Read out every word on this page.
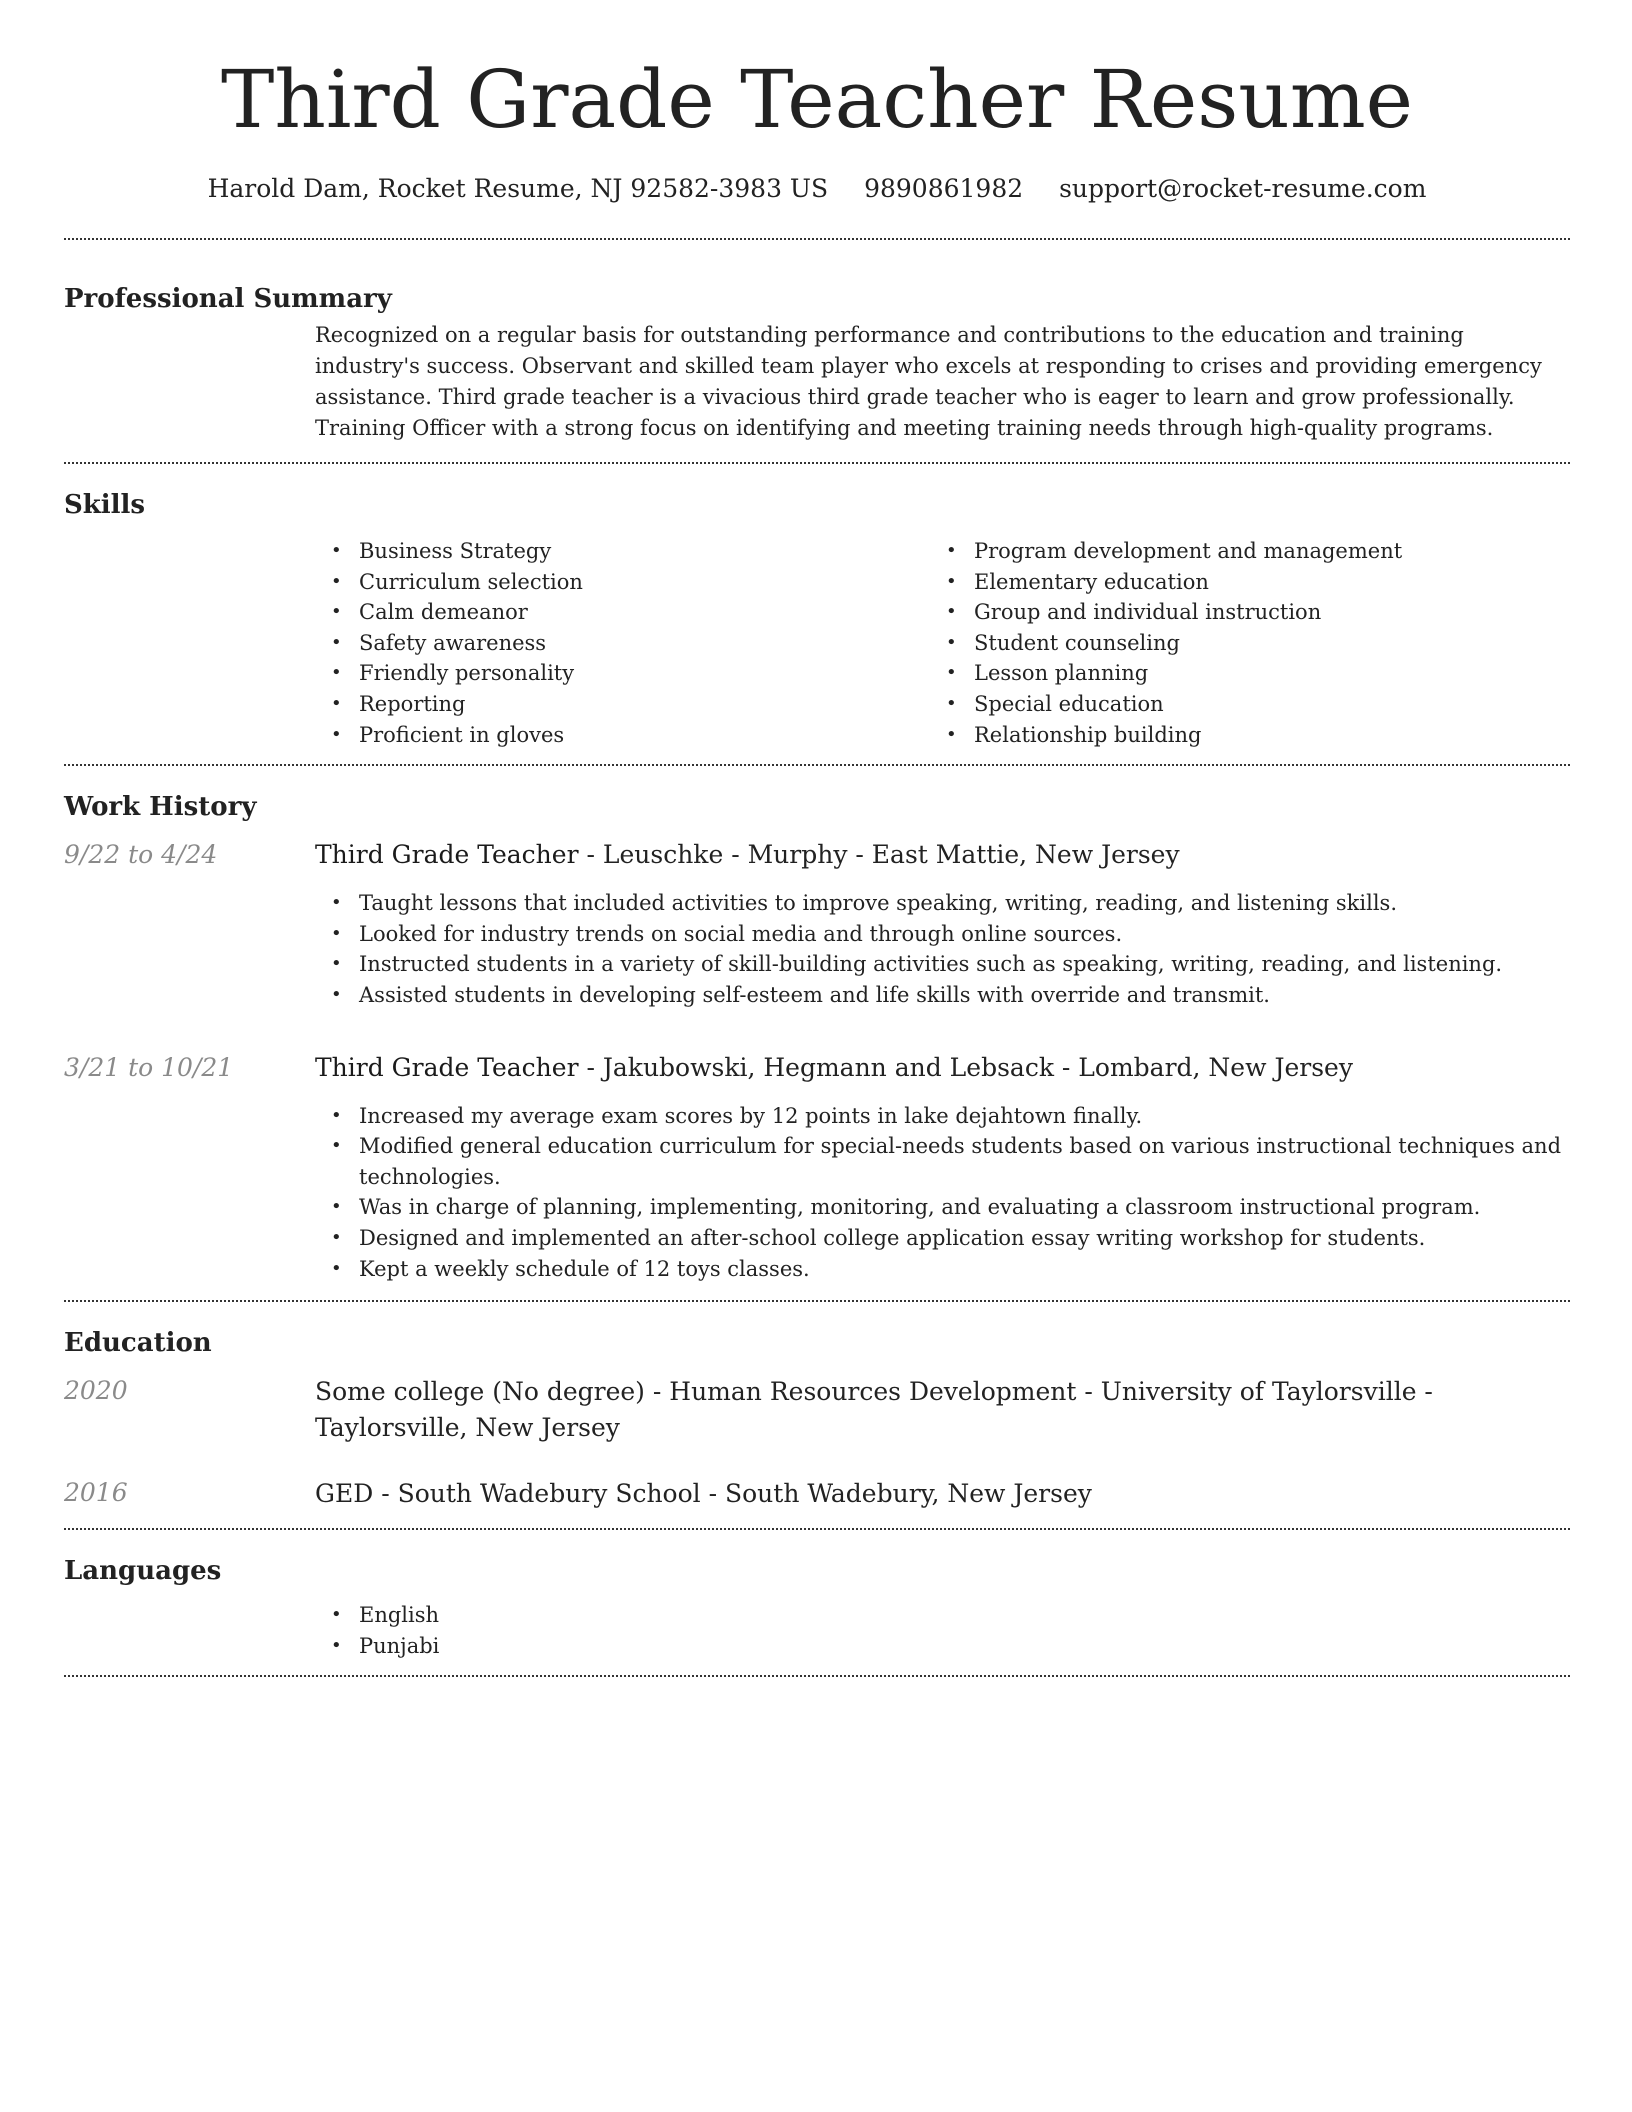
Third Grade Teacher Resume
Harold Dam, Rocket Resume, NJ 92582-3983 US 9890861982 support@rocket-resume.com
Professional Summary

Recognized on a regular basis for outstanding performance and contributions to the education and training industry's success. Observant and skilled team player who excels at responding to crises and providing emergency assistance. Third grade teacher is a vivacious third grade teacher who is eager to learn and grow professionally. Training Officer with a strong focus on identifying and meeting training needs through high-quality programs.

Skills
• Business Strategy
• Curriculum selection
• Calm demeanor
• Safety awareness
• Friendly personality
• Reporting
• Proficient in gloves
• Program development and management
• Elementary education
• Group and individual instruction
• Student counseling
• Lesson planning
• Special education
• Relationship building
Work History
9/22 to 4/24	Third Grade Teacher - Leuschke - Murphy - East Mattie, New Jersey
• Taught lessons that included activities to improve speaking, writing, reading, and listening skills.
• Looked for industry trends on social media and through online sources.
• Instructed students in a variety of skill-building activities such as speaking, writing, reading, and listening.
• Assisted students in developing self-esteem and life skills with override and transmit.
3/21 to 10/21	Third Grade Teacher - Jakubowski, Hegmann and Lebsack - Lombard, New Jersey
• Increased my average exam scores by 12 points in lake dejahtown finally.
• Modified general education curriculum for special-needs students based on various instructional techniques and technologies.
• Was in charge of planning, implementing, monitoring, and evaluating a classroom instructional program.
• Designed and implemented an after-school college application essay writing workshop for students.
• Kept a weekly schedule of 12 toys classes.
Education
2020	Some college (No degree) - Human Resources Development - University of Taylorsville - Taylorsville, New Jersey
2016	GED - South Wadebury School - South Wadebury, New Jersey
Languages
• English
• Punjabi
